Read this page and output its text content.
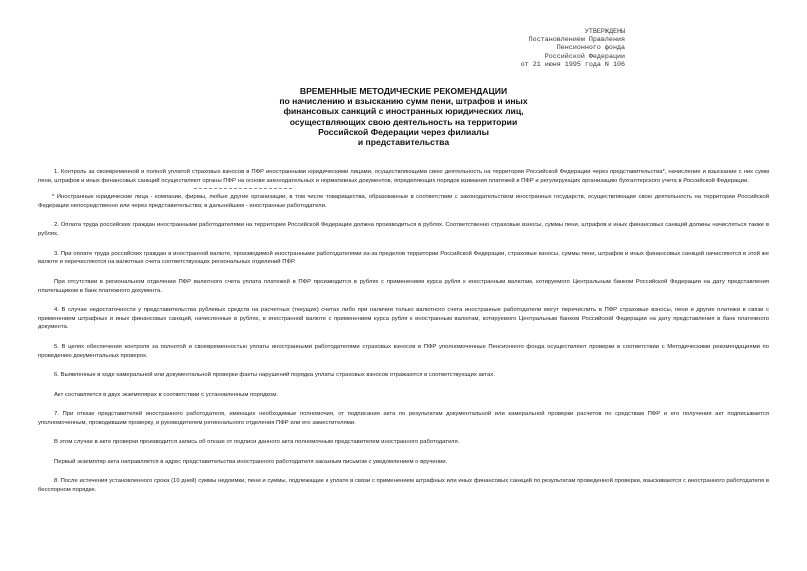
УТВЕРЖДЕНЫ
Постановлением Правления
Пенсионного фонда
Российской Федерации
от 21 июня 1995 года N 106
ВРЕМЕННЫЕ МЕТОДИЧЕСКИЕ РЕКОМЕНДАЦИИ
по начислению и взысканию сумм пени, штрафов и иных
финансовых санкций с иностранных юридических лиц,
осуществляющих свою деятельность на территории
Российской Федерации через филиалы
и представительства
1. Контроль за своевременной и полной уплатой страховых взносов в ПФР иностранными юридическими лицами, осуществляющими свою деятельность на территории Российской Федерации через представительства*, начисление и взыскание с них сумм пени, штрафов и иных финансовых санкций осуществляют органы ПФР на основе законодательных и нормативных документов, определяющих порядок взимания платежей в ПФР и регулирующих организацию бухгалтерского учета в Российской Федерации.
* Иностранные юридические лица - компании, фирмы, любые другие организации, в том числе товарищества, образованные в соответствии с законодательством иностранных государств, осуществляющие свою деятельность на территории Российской Федерации непосредственно или через представительства; в дальнейшем - иностранные работодатели.
2. Оплата труда российских граждан иностранными работодателями на территории Российской Федерации должна производиться в рублях. Соответственно страховые взносы, суммы пени, штрафов и иных финансовых санкций должны начисляться также в рублях.
3. При оплате труда российских граждан в иностранной валюте, производимой иностранными работодателями из-за пределов территории Российской Федерации, страховые взносы, суммы пени, штрафов и иных финансовых санкций начисляются в этой же валюте и перечисляются на валютные счета соответствующих региональных отделений ПФР.
При отсутствии в региональном отделении ПФР валютного счета уплата платежей в ПФР производится в рублях с применением курса рубля к иностранным валютам, котируемого Центральным банком Российской Федерации на дату представления плательщиком в банк платежного документа.
4. В случае недостаточности у представительства рублевых средств на расчетных (текущих) счетах либо при наличии только валютного счета иностранные работодатели могут перечислить в ПФР страховые взносы, пени и другие платежи в связи с применением штрафных и иных финансовых санкций, начисленные в рублях, в иностранной валюте с применением курса рубля к иностранным валютам, котируемого Центральным банком Российской Федерации на дату представления в банк платежного документа.
5. В целях обеспечения контроля за полнотой и своевременностью уплаты иностранными работодателями страховых взносов в ПФР уполномоченные Пенсионного фонда осуществляют проверки в соответствии с Методическими рекомендациями по проведению документальных проверок.
6. Выявленные в ходе камеральной или документальной проверки факты нарушений порядка уплаты страховых взносов отражаются в соответствующих актах.
Акт составляется в двух экземплярах в соответствии с установленным порядком.
7. При отказе представителей иностранного работодателя, имеющих необходимые полномочия, от подписания акта по результатам документальной или камеральной проверки расчетов по средствам ПФР и его получения акт подписывается уполномоченным, проводившим проверку, и руководителем регионального отделения ПФР или его заместителями.
В этом случае в акте проверки производится запись об отказе от подписи данного акта полномочным представителем иностранного работодателя.
Первый экземпляр акта направляется в адрес представительства иностранного работодателя заказным письмом с уведомлением о вручении.
8. После истечения установленного срока (10 дней) суммы недоимки, пени и суммы, подлежащие к уплате в связи с применением штрафных или иных финансовых санкций по результатам проведенной проверки, взыскиваются с иностранного работодателя в бесспорном порядке.
